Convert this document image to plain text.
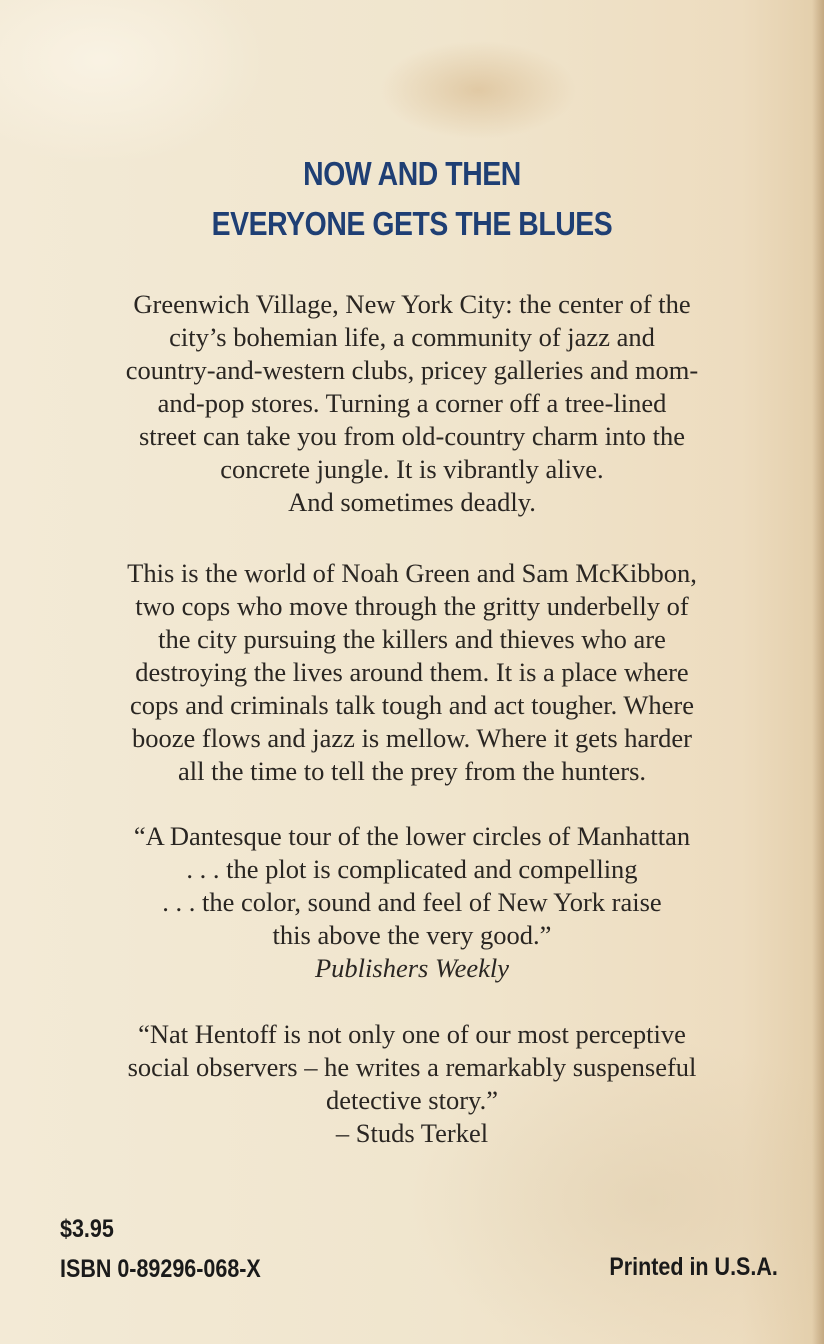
NOW AND THEN
EVERYONE GETS THE BLUES

Greenwich Village, New York City: the center of the
city’s bohemian life, a community of jazz and
country-and-western clubs, pricey galleries and mom-
and-pop stores. Turning a corner off a tree-lined
street can take you from old-country charm into the
concrete jungle. It is vibrantly alive.
And sometimes deadly.

This is the world of Noah Green and Sam McKibbon,
two cops who move through the gritty underbelly of
the city pursuing the killers and thieves who are
destroying the lives around them. It is a place where
cops and criminals talk tough and act tougher. Where
booze flows and jazz is mellow. Where it gets harder
all the time to tell the prey from the hunters.

“A Dantesque tour of the lower circles of Manhattan
. . . the plot is complicated and compelling
. . . the color, sound and feel of New York raise
this above the very good.”
Publishers Weekly

“Nat Hentoff is not only one of our most perceptive
social observers – he writes a remarkably suspenseful
detective story.”
– Studs Terkel

$3.95
ISBN 0-89296-068-X	Printed in U.S.A.
